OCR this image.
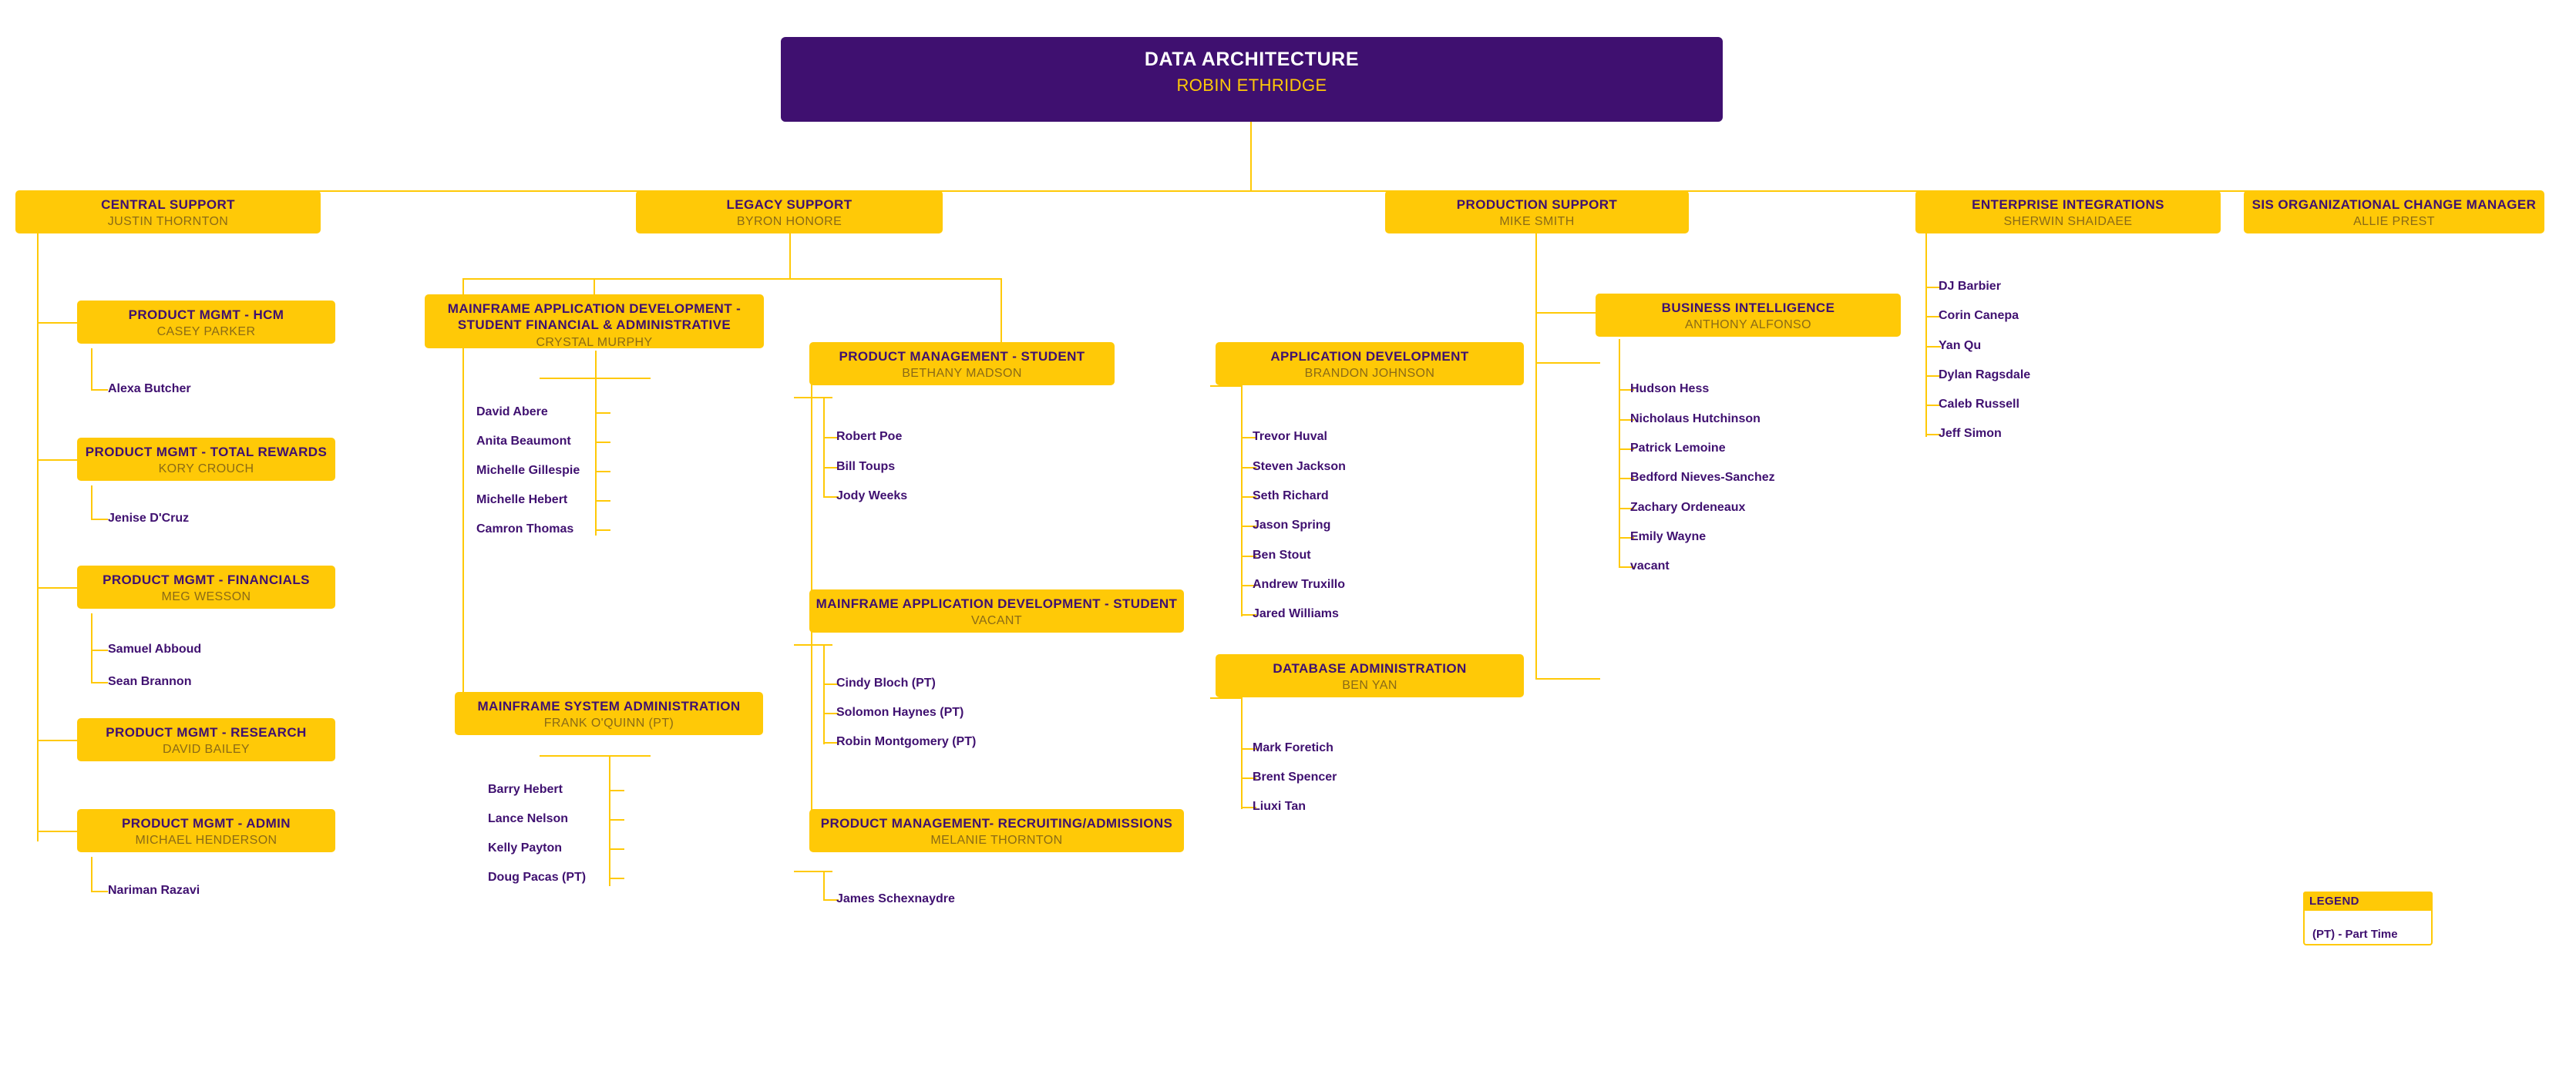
DATA ARCHITECTURE
ROBIN ETHRIDGE
CENTRAL SUPPORT
JUSTIN THORNTON
LEGACY SUPPORT
BYRON HONORE
PRODUCTION SUPPORT
MIKE SMITH
ENTERPRISE INTEGRATIONS
SHERWIN SHAIDAEE
SIS ORGANIZATIONAL CHANGE MANAGER
ALLIE PREST
PRODUCT MGMT - HCM
CASEY PARKER
PRODUCT MGMT - TOTAL REWARDS
KORY CROUCH
PRODUCT MGMT - FINANCIALS
MEG WESSON
PRODUCT MGMT - RESEARCH
DAVID BAILEY
PRODUCT MGMT - ADMIN
MICHAEL HENDERSON
MAINFRAME APPLICATION DEVELOPMENT - STUDENT FINANCIAL & ADMINISTRATIVE
CRYSTAL MURPHY
MAINFRAME SYSTEM ADMINISTRATION
FRANK O'QUINN (PT)
PRODUCT MANAGEMENT - STUDENT
BETHANY MADSON
MAINFRAME APPLICATION DEVELOPMENT - STUDENT
VACANT
PRODUCT MANAGEMENT- RECRUITING/ADMISSIONS
MELANIE THORNTON
APPLICATION DEVELOPMENT
BRANDON JOHNSON
DATABASE ADMINISTRATION
BEN YAN
BUSINESS INTELLIGENCE
ANTHONY ALFONSO
Alexa Butcher
Jenise D'Cruz
Samuel Abboud
Sean Brannon
Nariman Razavi
David Abere
Anita Beaumont
Michelle Gillespie
Michelle Hebert
Camron Thomas
Barry Hebert
Lance Nelson
Kelly Payton
Doug Pacas (PT)
Robert Poe
Bill Toups
Jody Weeks
Cindy Bloch (PT)
Solomon Haynes (PT)
Robin Montgomery (PT)
James Schexnaydre
Trevor Huval
Steven Jackson
Seth Richard
Jason Spring
Ben Stout
Andrew Truxillo
Jared Williams
Mark Foretich
Brent Spencer
Liuxi Tan
Hudson Hess
Nicholaus Hutchinson
Patrick Lemoine
Bedford Nieves-Sanchez
Zachary Ordeneaux
Emily Wayne
vacant
DJ Barbier
Corin Canepa
Yan Qu
Dylan Ragsdale
Caleb Russell
Jeff Simon
LEGEND
(PT) - Part Time
